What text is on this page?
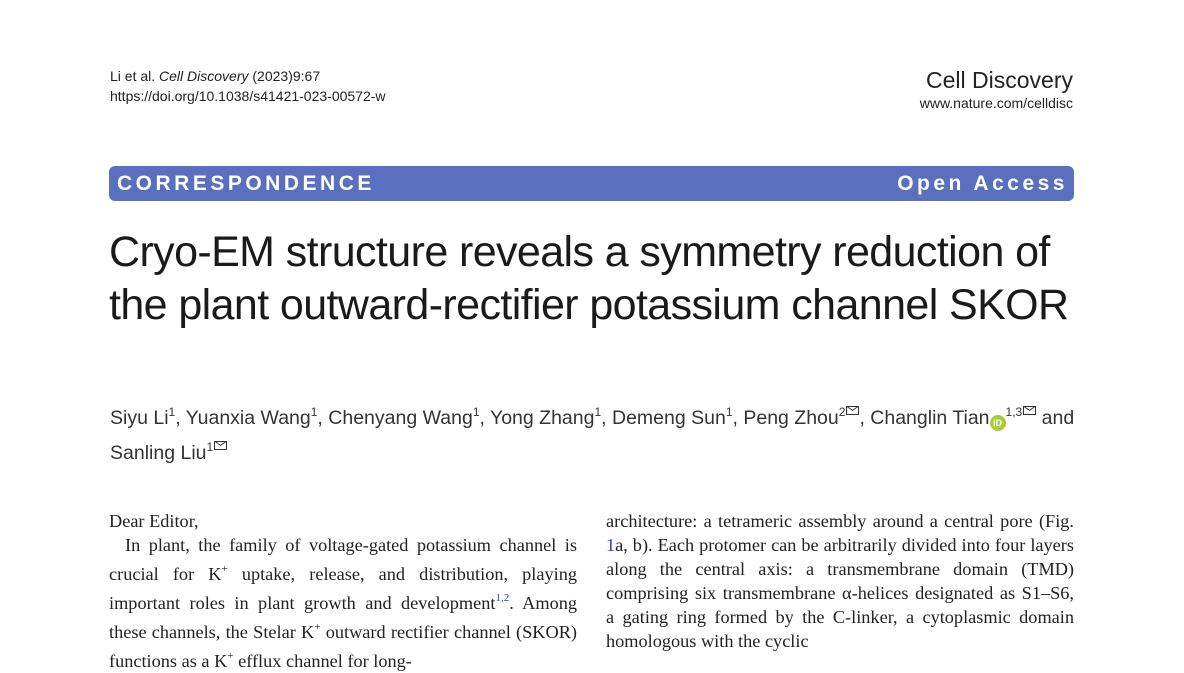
Li et al. Cell Discovery (2023)9:67
https://doi.org/10.1038/s41421-023-00572-w
Cell Discovery
www.nature.com/celldisc
CORRESPONDENCE	Open Access
Cryo-EM structure reveals a symmetry reduction of the plant outward-rectifier potassium channel SKOR
Siyu Li$^1$, Yuanxia Wang$^1$, Chenyang Wang$^1$, Yong Zhang$^1$, Demeng Sun$^1$, Peng Zhou$^2$ , Changlin Tian iD$^{1,3}$ and
Sanling Liu$^1$

Dear Editor,

In plant, the family of voltage-gated potassium channel is crucial for K+ uptake, release, and distribution, playing important roles in plant growth and development$^{1,2}$. Among these channels, the Stelar K+ outward rectifier channel (SKOR) functions as a K+ efflux channel for long-

architecture: a tetrameric assembly around a central pore (Fig. 1a, b). Each protomer can be arbitrarily divided into four layers along the central axis: a transmembrane domain (TMD) comprising six transmembrane α-helices designated as S1–S6, a gating ring formed by the C-linker, a cytoplasmic domain homologous with the cyclic
